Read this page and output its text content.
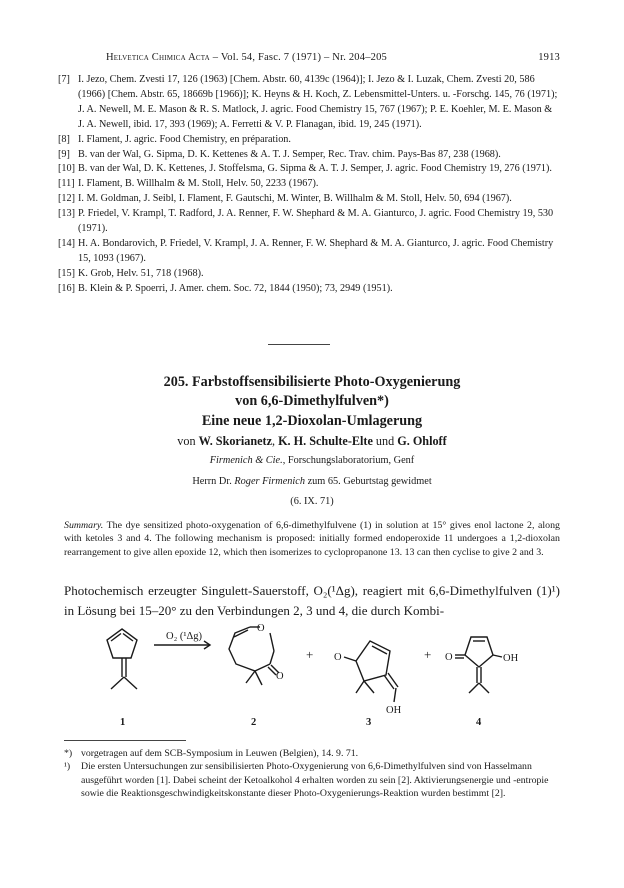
Helvetica Chimica Acta – Vol. 54, Fasc. 7 (1971) – Nr. 204–205	1913
[7] I. Jezo, Chem. Zvesti 17, 126 (1963) [Chem. Abstr. 60, 4139c (1964)]; I. Jezo & I. Luzak, Chem. Zvesti 20, 586 (1966) [Chem. Abstr. 65, 18669b [1966)]; K. Heyns & H. Koch, Z. Lebensmittel-Unters. u. -Forschg. 145, 76 (1971); J. A. Newell, M. E. Mason & R. S. Matlock, J. agric. Food Chemistry 15, 767 (1967); P. E. Koehler, M. E. Mason & J. A. Newell, ibid. 17, 393 (1969); A. Ferretti & V. P. Flanagan, ibid. 19, 245 (1971).
[8] I. Flament, J. agric. Food Chemistry, en préparation.
[9] B. van der Wal, G. Sipma, D. K. Kettenes & A. T. J. Semper, Rec. Trav. chim. Pays-Bas 87, 238 (1968).
[10] B. van der Wal, D. K. Kettenes, J. Stoffelsma, G. Sipma & A. T. J. Semper, J. agric. Food Chemistry 19, 276 (1971).
[11] I. Flament, B. Willhalm & M. Stoll, Helv. 50, 2233 (1967).
[12] I. M. Goldman, J. Seibl, I. Flament, F. Gautschi, M. Winter, B. Willhalm & M. Stoll, Helv. 50, 694 (1967).
[13] P. Friedel, V. Krampl, T. Radford, J. A. Renner, F. W. Shephard & M. A. Gianturco, J. agric. Food Chemistry 19, 530 (1971).
[14] H. A. Bondarovich, P. Friedel, V. Krampl, J. A. Renner, F. W. Shephard & M. A. Gianturco, J. agric. Food Chemistry 15, 1093 (1967).
[15] K. Grob, Helv. 51, 718 (1968).
[16] B. Klein & P. Spoerri, J. Amer. chem. Soc. 72, 1844 (1950); 73, 2949 (1951).
205. Farbstoffsensibilisierte Photo-Oxygenierung
von 6,6-Dimethylfulven*)
Eine neue 1,2-Dioxolan-Umlagerung
von W. Skorianetz, K. H. Schulte-Elte und G. Ohloff
Firmenich & Cie., Forschungslaboratorium, Genf
Herrn Dr. Roger Firmenich zum 65. Geburtstag gewidmet
(6. IX. 71)
Summary. The dye sensitized photo-oxygenation of 6,6-dimethylfulvene (1) in solution at 15° gives enol lactone 2, along with ketoles 3 and 4. The following mechanism is proposed: initially formed endoperoxide 11 undergoes a 1,2-dioxolan rearrangement to give allen epoxide 12, which then isomerizes to cyclopropanone 13. 13 can then cyclise to give 2 and 3.
Photochemisch erzeugter Singulett-Sauerstoff, O₂(¹Δg), reagiert mit 6,6-Dimethylfulven (1)¹) in Lösung bei 15–20° zu den Verbindungen 2, 3 und 4, die durch Kombi-
O₂ (¹Δg)
O
O
+ O
OH
+ O	OH
1	2	3	4
*) vorgetragen auf dem SCB-Symposium in Leuwen (Belgien), 14. 9. 71.
¹) Die ersten Untersuchungen zur sensibilisierten Photo-Oxygenierung von 6,6-Dimethylfulven sind von Hasselmann ausgeführt worden [1]. Dabei scheint der Ketoalkohol 4 erhalten worden zu sein [2]. Aktivierungsenergie und -entropie sowie die Reaktionsgeschwindigkeitskonstante dieser Photo-Oxygenierungs-Reaktion wurden bestimmt [2].
